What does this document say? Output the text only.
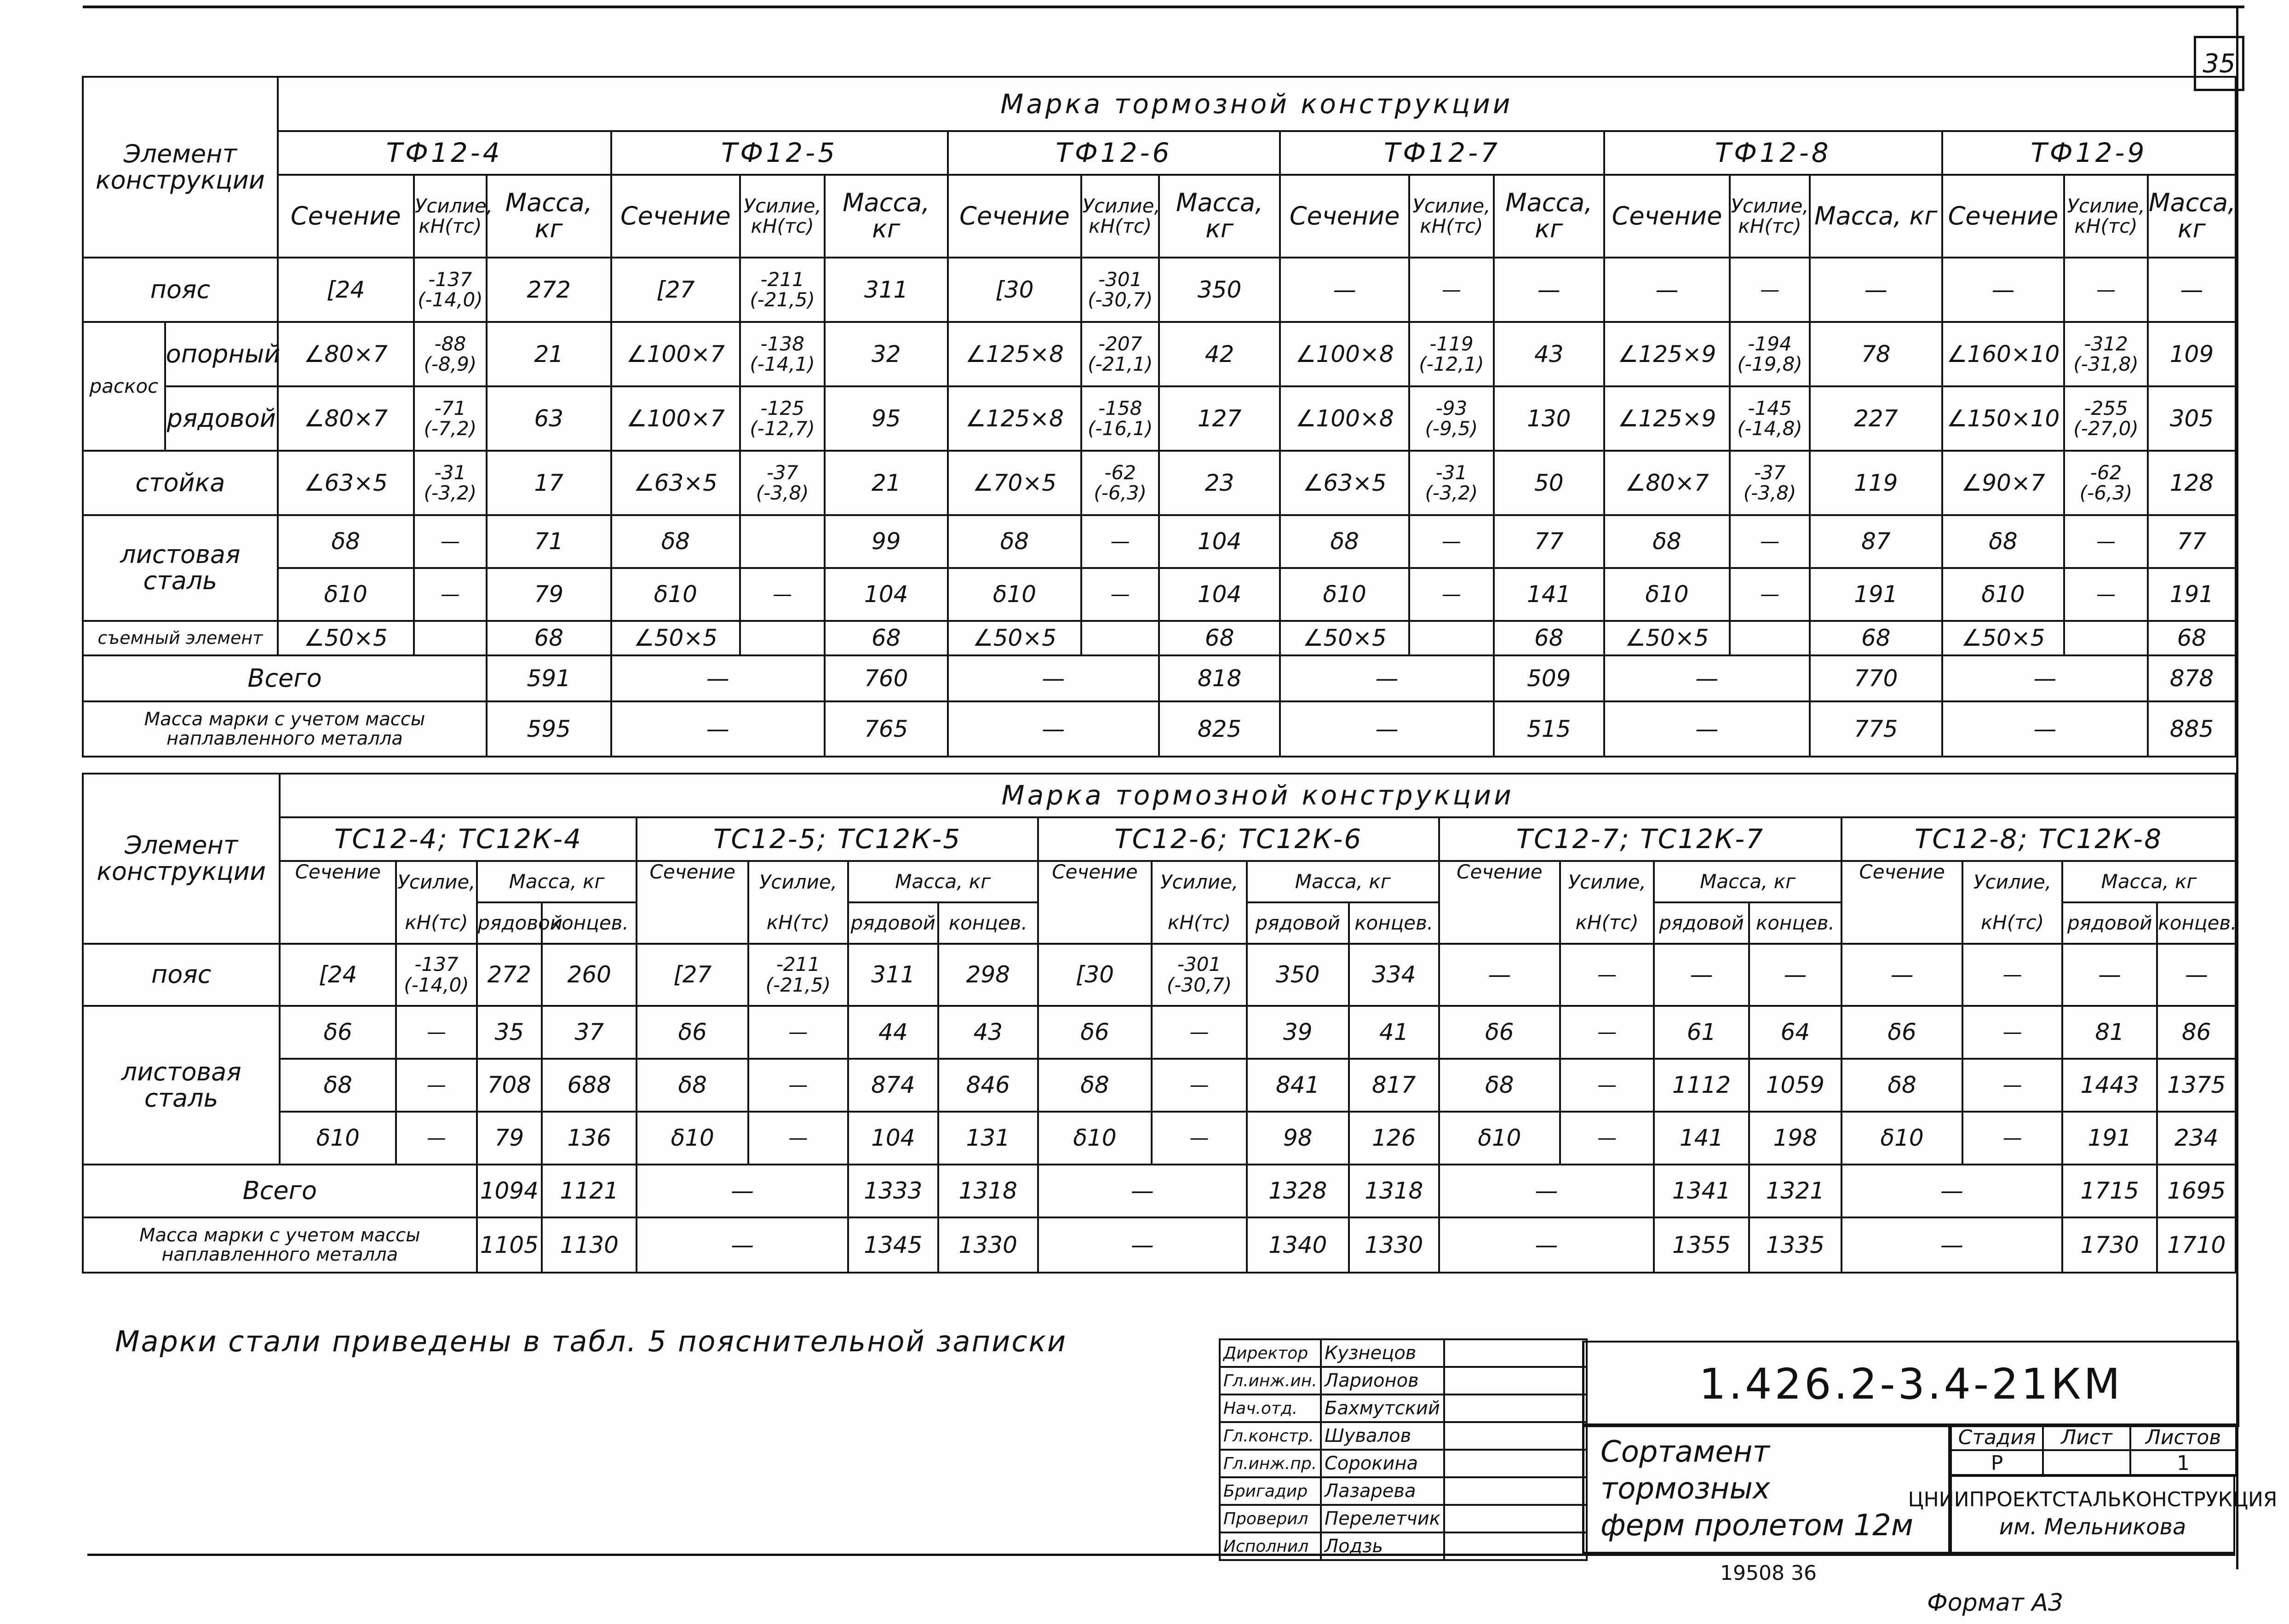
35
Элемент конструкции		Марка тормозной конструкции																	
		ТФ12-4			ТФ12-5			ТФ12-6			ТФ12-7			ТФ12-8			ТФ12-9		
		Сечение	Усилие, кН(тс)	Масса, кг	Сечение	Усилие, кН(тс)	Масса, кг	Сечение	Усилие, кН(тс)	Масса, кг	Сечение	Усилие, кН(тс)	Масса, кг	Сечение	Усилие, кН(тс)	Масса, кг	Сечение	Усилие, кН(тс)	Масса, кг
пояс		[24	-137 (-14,0)	272	[27	-211 (-21,5)	311	[30	-301 (-30,7)	350	—	—	—	—	—	—	—	—	—
раскос	опорный	∠80×7	-88 (-8,9)	21	∠100×7	-138 (-14,1)	32	∠125×8	-207 (-21,1)	42	∠100×8	-119 (-12,1)	43	∠125×9	-194 (-19,8)	78	∠160×10	-312 (-31,8)	109
	рядовой	∠80×7	-71 (-7,2)	63	∠100×7	-125 (-12,7)	95	∠125×8	-158 (-16,1)	127	∠100×8	-93 (-9,5)	130	∠125×9	-145 (-14,8)	227	∠150×10	-255 (-27,0)	305
стойка		∠63×5	-31 (-3,2)	17	∠63×5	-37 (-3,8)	21	∠70×5	-62 (-6,3)	23	∠63×5	-31 (-3,2)	50	∠80×7	-37 (-3,8)	119	∠90×7	-62 (-6,3)	128
листовая сталь		δ8	—	71	δ8		99	δ8	—	104	δ8	—	77	δ8	—	87	δ8	—	77
		δ10	—	79	δ10	—	104	δ10	—	104	δ10	—	141	δ10	—	191	δ10	—	191
съемный элемент		∠50×5		68	∠50×5		68	∠50×5		68	∠50×5		68	∠50×5		68	∠50×5		68
Всего				591	—		760	—		818	—		509	—		770	—		878
Масса марки с учетом массы наплавленного металла				595	—		765	—		825	—		515	—		775	—		885
Элемент конструкции	Марка тормозной конструкции																			
	ТС12-4; ТС12К-4				ТС12-5; ТС12К-5				ТС12-6; ТС12К-6				ТС12-7; ТС12К-7				ТС12-8; ТС12К-8			
	Сечение	Усилие,	Масса, кг		Сечение	Усилие,	Масса, кг		Сечение	Усилие,	Масса, кг		Сечение	Усилие,	Масса, кг		Сечение	Усилие,	Масса, кг	
		кН(тс)	рядовой	концев.		кН(тс)	рядовой	концев.		кН(тс)	рядовой	концев.		кН(тс)	рядовой	концев.		кН(тс)	рядовой	концев.
пояс	[24	-137 (-14,0)	272	260	[27	-211 (-21,5)	311	298	[30	-301 (-30,7)	350	334	—	—	—	—	—	—	—	—
листовая сталь	δ6	—	35	37	δ6	—	44	43	δ6	—	39	41	δ6	—	61	64	δ6	—	81	86
	δ8	—	708	688	δ8	—	874	846	δ8	—	841	817	δ8	—	1112	1059	δ8	—	1443	1375
	δ10	—	79	136	δ10	—	104	131	δ10	—	98	126	δ10	—	141	198	δ10	—	191	234
Всего			1094	1121	—		1333	1318	—		1328	1318	—		1341	1321	—		1715	1695
Масса марки с учетом массы наплавленного металла			1105	1130	—		1345	1330	—		1340	1330	—		1355	1335	—		1730	1710
Марки стали приведены в табл. 5 пояснительной записки	Директор	Кузнецов	
Гл.инж.ин.	Ларионов	
Нач.отд.	Бахмутский	
Гл.констр.	Шувалов	
Гл.инж.пр.	Сорокина	
Бригадир	Лазарева	
Проверил	Перелетчик	
Исполнил	Лодзь	
1.426.2-3.4-21КМ
Сортамент тормозных
ферм пролетом 12м
Стадия	Лист	Листов
Р		1
ЦНИИПРОЕКТСТАЛЬКОНСТРУКЦИЯ
им. Мельникова
19508 36
Формат А3
